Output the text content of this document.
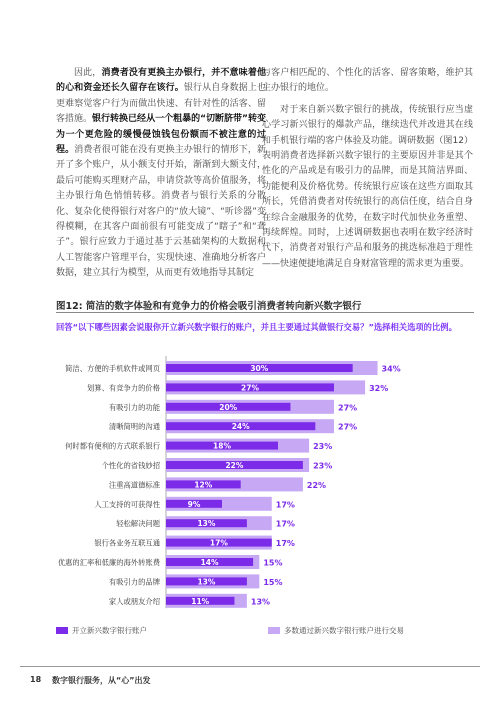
因此，消费者没有更换主办银行，并不意味着他的心和资金还长久留存在该行。银行从自身数据上也更难察觉客户行为而做出快速、有针对性的活客、留客措施。银行转换已经从一个粗暴的“切断脐带”转变为一个更危险的缓慢侵蚀钱包份额而不被注意的过程。消费者很可能在没有更换主办银行的情形下，新开了多个账户，从小额支付开始，渐渐到大额支付，最后可能购买理财产品，申请贷款等高价值服务，将主办银行角色悄悄转移。消费者与银行关系的分散化、复杂化使得银行对客户的“放大镜”、“听诊器”变得模糊，在其客户面前很有可能变成了“瞎子”和“聋子”。银行应致力于通过基于云基础架构的大数据和人工智能客户管理平台，实现快速、准确地分析客户数据，建立其行为模型，从而更有效地指导其制定

与客户相匹配的、个性化的活客、留客策略，维护其主办银行的地位。

对于来自新兴数字银行的挑战，传统银行应当虚心学习新兴银行的爆款产品，继续迭代并改进其在线和手机银行端的客户体验及功能。调研数据（图12）表明消费者选择新兴数字银行的主要原因并非是其个性化的产品或是有吸引力的品牌，而是其简洁界面、功能便利及价格优势。传统银行应该在这些方面取其所长，凭借消费者对传统银行的高信任度，结合自身在综合金融服务的优势，在数字时代加快业务重塑、再续辉煌。同时，上述调研数据也表明在数字经济时代下，消费者对银行产品和服务的挑选标准趋于理性——快速便捷地满足自身财富管理的需求更为重要。

图12: 简洁的数字体验和有竞争力的价格会吸引消费者转向新兴数字银行
回答“以下哪些因素会说服你开立新兴数字银行的账户，并且主要通过其做银行交易？”选择相关选项的比例。
简洁、方便的手机软件或网页	34%
30%
划算、有竞争力的价格	32%
27%
有吸引力的功能	27%
20%
清晰简明的沟通	27%
24%
何时都有便利的方式联系银行	23%
18%
个性化的省钱妙招	23%
22%
注重高道德标准	22%
12%
人工支持的可获得性	17%
9%
轻松解决问题	17%
13%
银行各业务互联互通	17%
17%
优惠的汇率和低廉的海外转账费	15%
14%
有吸引力的品牌	15%
13%
家人或朋友介绍	13%
11%
开立新兴数字银行账户	多数通过新兴数字银行账户进行交易
18 数字银行服务，从“心”出发
